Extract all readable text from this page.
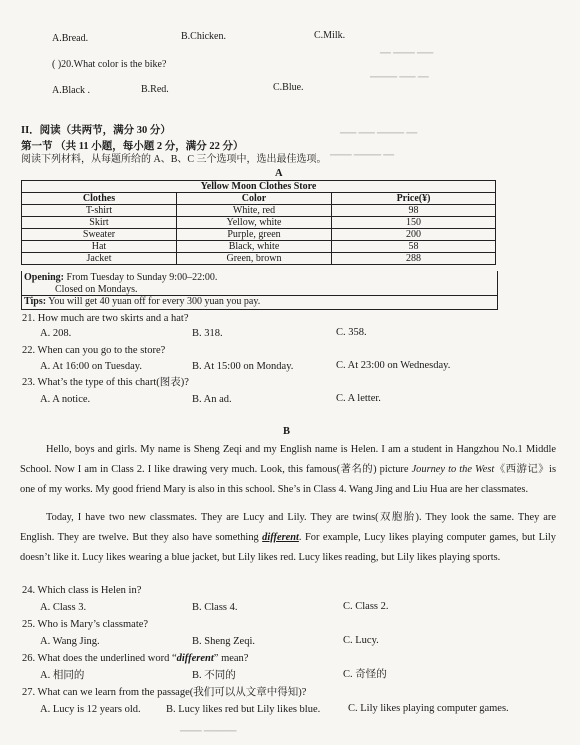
━━ ━━━━ ━━━
━━━━━ ━━━ ━━
━━━ ━━━ ━━━━━ ━━
━━━━ ━━━━━ ━━
A.Bread.	B.Chicken.	C.Milk.
( )20.What color is the bike?
A.Black .	B.Red.	C.Blue.
II．阅读（共两节，满分 30 分）
第一节 （共 11 小题，每小题 2 分，满分 22 分）
阅读下列材料，从每题所给的 A、B、C 三个选项中，选出最佳选项。
A
Yellow Moon Clothes Store		
Clothes	Color	Price(¥)
T-shirt	White, red	98
Skirt	Yellow, white	150
Sweater	Purple, green	200
Hat	Black, white	58
Jacket	Green, brown	288
Opening: From Tuesday to Sunday 9:00–22:00.
Closed on Mondays.
Tips: You will get 40 yuan off for every 300 yuan you pay.
21. How much are two skirts and a hat?
A. 208.	B. 318.	C. 358.
22. When can you go to the store?
A. At 16:00 on Tuesday.	B. At 15:00 on Monday.	C. At 23:00 on Wednesday.
23. What’s the type of this chart(图表)?
A. A notice.	B. An ad.	C. A letter.
B
Hello, boys and girls. My name is Sheng Zeqi and my English name is Helen. I am a student in Hangzhou No.1 Middle School. Now I am in Class 2. I like drawing very much. Look, this famous(著名的) picture Journey to the West《西游记》is one of my works. My good friend Mary is also in this school. She’s in Class 4. Wang Jing and Liu Hua are her classmates.
Today, I have two new classmates. They are Lucy and Lily. They are twins(双胞胎). They look the same. They are English. They are twelve. But they also have something different. For example, Lucy likes playing computer games, but Lily doesn’t like it. Lucy likes wearing a blue jacket, but Lily likes red. Lucy likes reading, but Lily likes playing sports.
24. Which class is Helen in?
A. Class 3.	B. Class 4.	C. Class 2.
25. Who is Mary’s classmate?
A. Wang Jing.	B. Sheng Zeqi.	C. Lucy.
26. What does the underlined word “different” mean?
A. 相同的	B. 不同的	C. 奇怪的
27. What can we learn from the passage(我们可以从文章中得知)?
A. Lucy is 12 years old. B. Lucy likes red but Lily likes blue.	C. Lily likes playing computer games.
━━━━ ━━━━━━
